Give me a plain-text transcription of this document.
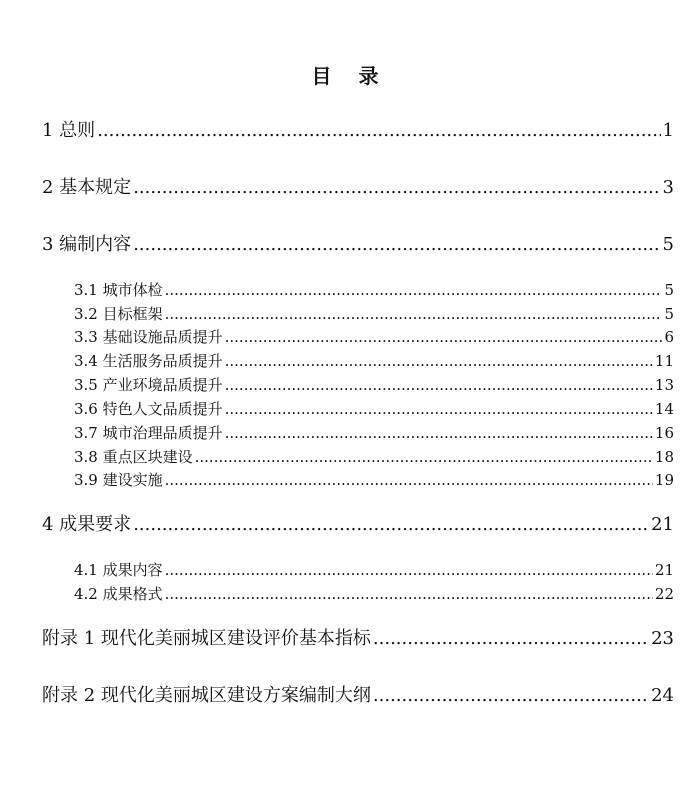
目 录
1 总则 .....	1
2 基本规定 .....	3
3 编制内容 .....	5
3.1 城市体检 .....	5
3.2 目标框架 .....	5
3.3 基础设施品质提升 .....	6
3.4 生活服务品质提升 .....	11
3.5 产业环境品质提升 .....	13
3.6 特色人文品质提升 .....	14
3.7 城市治理品质提升 .....	16
3.8 重点区块建设 .....	18
3.9 建设实施 .....	19
4 成果要求 .....	21
4.1 成果内容 .....	21
4.2 成果格式 .....	22
附录 1 现代化美丽城区建设评价基本指标 .....	23
附录 2 现代化美丽城区建设方案编制大纲 .....	24
